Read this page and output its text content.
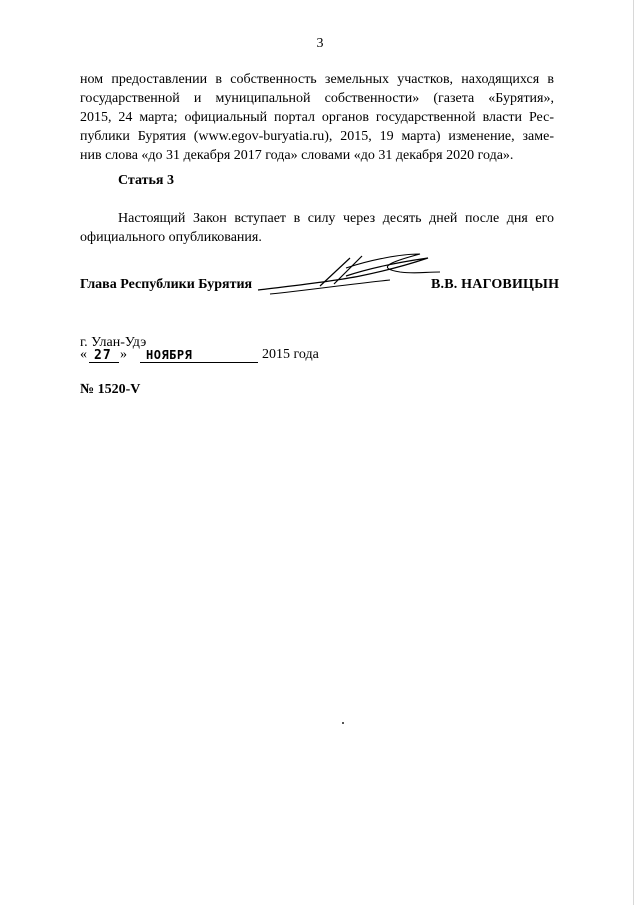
3
ном предоставлении в собственность земельных участков, находящихся в
государственной и муниципальной собственности» (газета «Бурятия»,
2015, 24 марта; официальный портал органов государственной власти Рес-
публики Бурятия (www.egov-buryatia.ru), 2015, 19 марта) изменение, заме-
нив слова «до 31 декабря 2017 года» словами «до 31 декабря 2020 года».
Статья 3
Настоящий Закон вступает в силу через десять дней после дня его
официального опубликования.
Глава Республики Бурятия	В.В. НАГОВИЦЫН
г. Улан-Удэ
« 27 » НОЯБРЯ	2015 года
№ 1520-V
